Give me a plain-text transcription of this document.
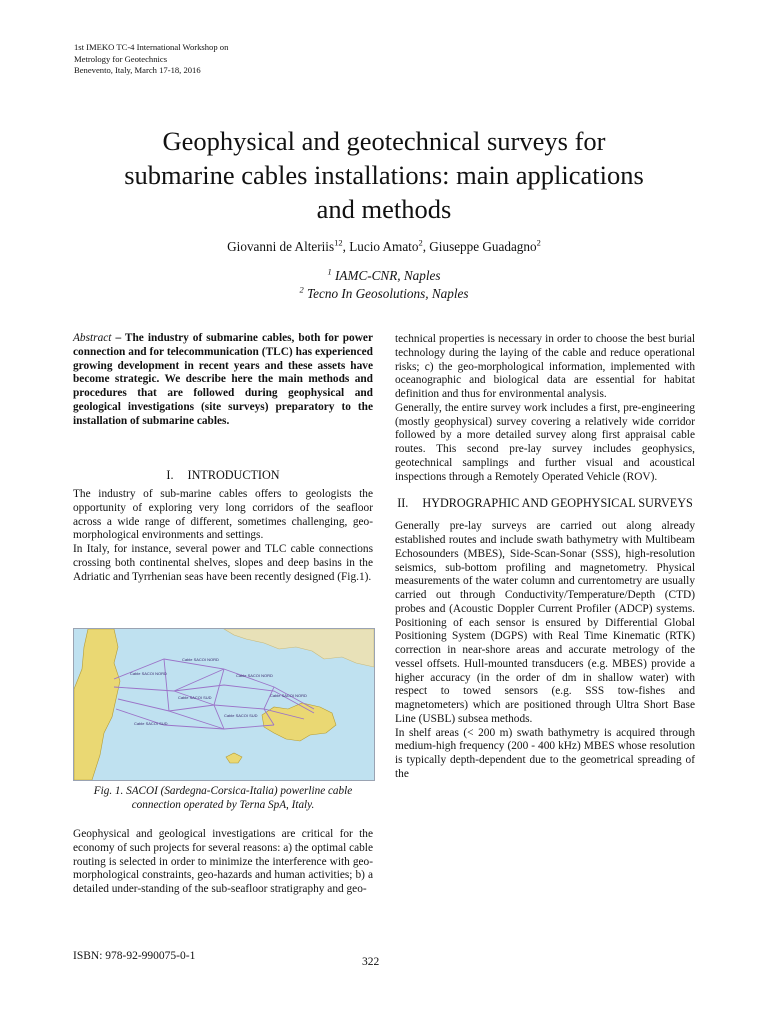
1st IMEKO TC-4 International Workshop on
Metrology for Geotechnics
Benevento, Italy, March 17-18, 2016
Geophysical and geotechnical surveys for
submarine cables installations: main applications
and methods
Giovanni de Alteriis$^{12}$, Lucio Amato$^2$, Giuseppe Guadagno$^2$
$^1$ IAMC-CNR, Naples
$^2$ Tecno In Geosolutions, Naples

Abstract – The industry of submarine cables, both for power connection and for telecommunication (TLC) has experienced growing development in recent years and these assets have become strategic. We describe here the main methods and procedures that are followed during geophysical and geological investigations (site surveys) preparatory to the installation of submarine cables.

I. INTRODUCTION

The industry of sub-marine cables offers to geologists the opportunity of exploring very long corridors of the seafloor across a wide range of different, sometimes challenging, geo-morphological environments and settings.

In Italy, for instance, several power and TLC cable connections crossing both continental shelves, slopes and deep basins in the Adriatic and Tyrrhenian seas have been recently designed (Fig.1).

Cable SACOI NORD
Cable SACOI NORD
Cable SACOI SUD
Cable SACOI NORD
Cable SACOI SUD
Cable SACOI SUD
Cable SACOI NORD
Fig. 1. SACOI (Sardegna-Corsica-Italia) powerline cable
connection operated by Terna SpA, Italy.

Geophysical and geological investigations are critical for the economy of such projects for several reasons: a) the optimal cable routing is selected in order to minimize the interference with geo-morphological constraints, geo-hazards and human activities; b) a detailed under-standing of the sub-seafloor stratigraphy and geo-

technical properties is necessary in order to choose the best burial technology during the laying of the cable and reduce operational risks; c) the geo-morphological information, implemented with oceanographic and biological data are essential for habitat definition and thus for environmental analysis.

Generally, the entire survey work includes a first, pre-engineering (mostly geophysical) survey covering a relatively wide corridor followed by a more detailed survey along first appraisal cable routes. This second pre-lay survey includes geophysics, geotechnical samplings and further visual and acoustical inspections through a Remotely Operated Vehicle (ROV).

II. HYDROGRAPHIC AND GEOPHYSICAL SURVEYS

Generally pre-lay surveys are carried out along already established routes and include swath bathymetry with Multibeam Echosounders (MBES), Side-Scan-Sonar (SSS), high-resolution seismics, sub-bottom profiling and magnetometry. Physical measurements of the water column and currentometry are usually carried out through Conductivity/Temperature/Depth (CTD) probes and (Acoustic Doppler Current Profiler (ADCP) systems. Positioning of each sensor is ensured by Differential Global Positioning System (DGPS) with Real Time Kinematic (RTK) correction in near-shore areas and accurate metrology of the vessel offsets. Hull-mounted transducers (e.g. MBES) provide a higher accuracy (in the order of dm in shallow water) with respect to towed sensors (e.g. SSS tow-fishes and magnetometers) which are positioned through Ultra Short Base Line (USBL) subsea methods.

In shelf areas (< 200 m) swath bathymetry is acquired through medium-high frequency (200 - 400 kHz) MBES whose resolution is typically depth-dependent due to the geometrical spreading of the

ISBN: 978-92-990075-0-1	322
